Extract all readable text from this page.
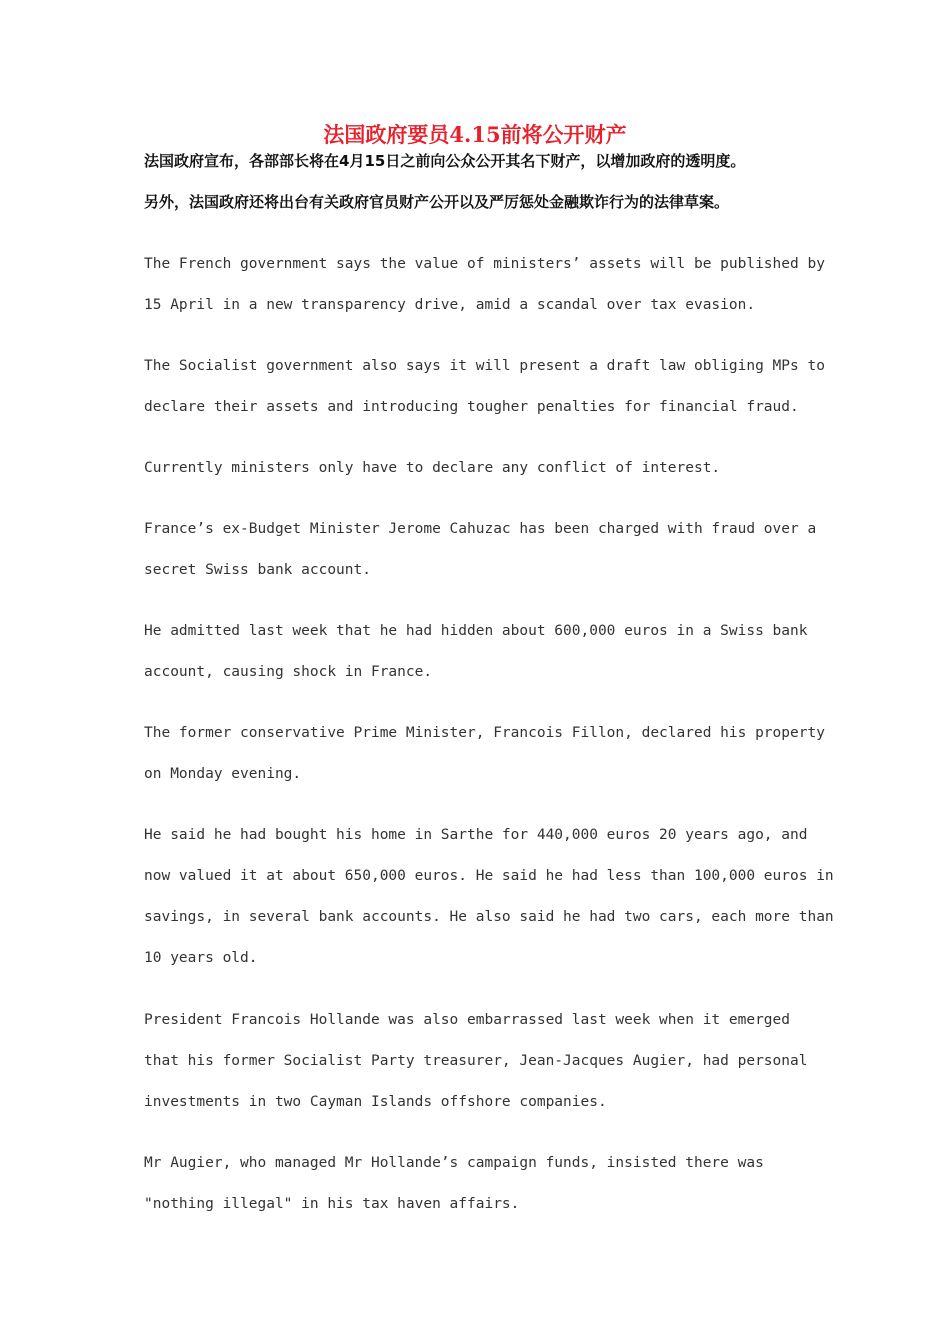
法国政府要员4.15前将公开财产
法国政府宣布，各部部长将在4月15日之前向公众公开其名下财产，以增加政府的透明度。
另外，法国政府还将出台有关政府官员财产公开以及严厉惩处金融欺诈行为的法律草案。
The French government says the value of ministers’ assets will be published by
15 April in a new transparency drive, amid a scandal over tax evasion.
The Socialist government also says it will present a draft law obliging MPs to
declare their assets and introducing tougher penalties for financial fraud.
Currently ministers only have to declare any conflict of interest.
France’s ex-Budget Minister Jerome Cahuzac has been charged with fraud over a
secret Swiss bank account.
He admitted last week that he had hidden about 600,000 euros in a Swiss bank
account, causing shock in France.
The former conservative Prime Minister, Francois Fillon, declared his property
on Monday evening.
He said he had bought his home in Sarthe for 440,000 euros 20 years ago, and
now valued it at about 650,000 euros. He said he had less than 100,000 euros in
savings, in several bank accounts. He also said he had two cars, each more than
10 years old.
President Francois Hollande was also embarrassed last week when it emerged
that his former Socialist Party treasurer, Jean-Jacques Augier, had personal
investments in two Cayman Islands offshore companies.
Mr Augier, who managed Mr Hollande’s campaign funds, insisted there was
"nothing illegal" in his tax haven affairs.
